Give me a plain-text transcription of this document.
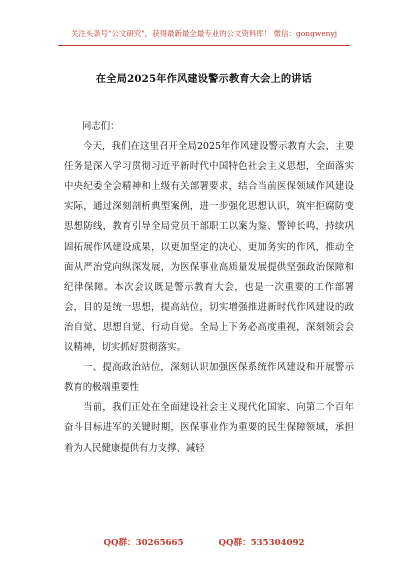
关注头条号"公文研究"，获得最新最全最专业的公文资料库！ 微信：gongwenyj
在全局2025年作风建设警示教育大会上的讲话

同志们：

今天，我们在这里召开全局2025年作风建设警示教育大会，主要任务是深入学习贯彻习近平新时代中国特色社会主义思想，全面落实中央纪委全会精神和上级有关部署要求，结合当前医保领域作风建设实际，通过深刻剖析典型案例，进一步强化思想认识，筑牢拒腐防变思想防线，教育引导全局党员干部职工以案为鉴、警钟长鸣，持续巩固拓展作风建设成果，以更加坚定的决心、更加务实的作风，推动全面从严治党向纵深发展，为医保事业高质量发展提供坚强政治保障和纪律保障。本次会议既是警示教育大会，也是一次重要的工作部署会，目的是统一思想，提高站位，切实增强推进新时代作风建设的政治自觉、思想自觉、行动自觉。全局上下务必高度重视，深刻领会会议精神，切实抓好贯彻落实。

一、提高政治站位，深刻认识加强医保系统作风建设和开展警示教育的极端重要性

当前，我们正处在全面建设社会主义现代化国家、向第二个百年奋斗目标进军的关键时期，医保事业作为重要的民生保障领域，承担着为人民健康提供有力支撑、减轻

QQ群：30265665	QQ群：535304092
